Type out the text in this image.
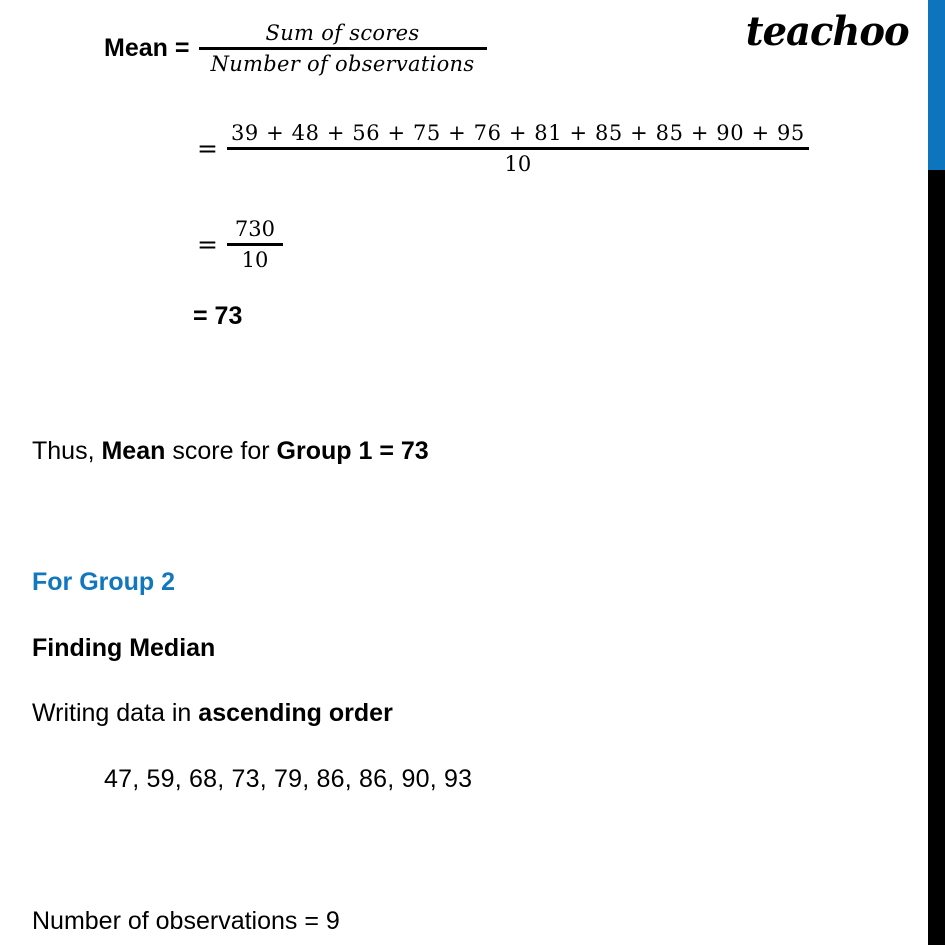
teachoo
Mean = $\frac{\text{Sum of scores}}{\text{Number of observations}}$
= $\frac{39 + 48 + 56 + 75 + 76 + 81 + 85 + 85 + 90 + 95}{10}$
= $\frac{730}{10}$
= 73
Thus, Mean score for Group 1 = 73
For Group 2
Finding Median
Writing data in ascending order
47, 59, 68, 73, 79, 86, 86, 90, 93
Number of observations = 9
